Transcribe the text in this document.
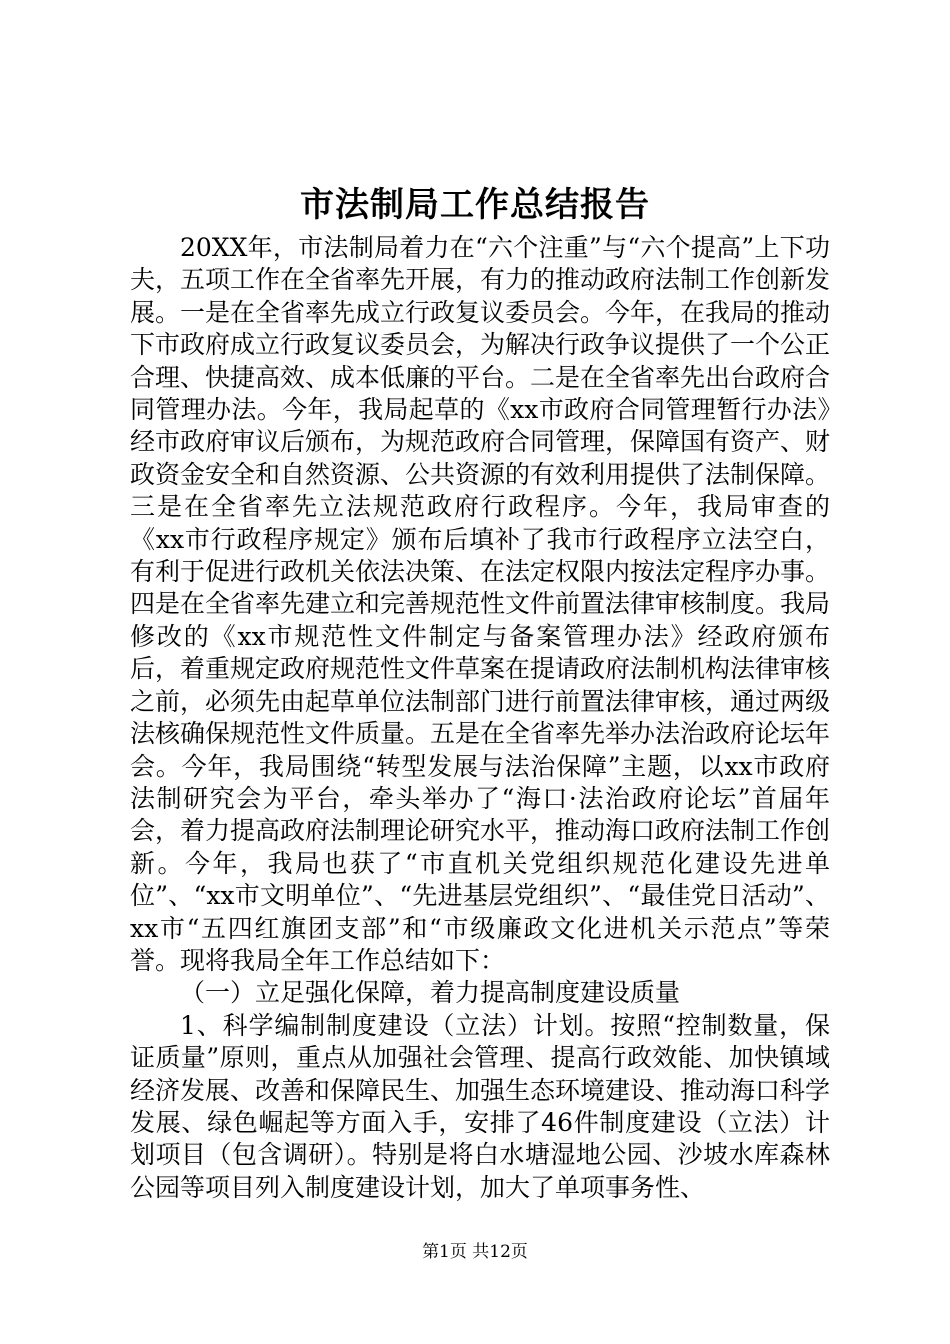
市法制局工作总结报告

20XX年，市法制局着力在“六个注重”与“六个提高”上下功夫，五项工作在全省率先开展，有力的推动政府法制工作创新发展。一是在全省率先成立行政复议委员会。今年，在我局的推动下市政府成立行政复议委员会，为解决行政争议提供了一个公正合理、快捷高效、成本低廉的平台。二是在全省率先出台政府合同管理办法。今年，我局起草的《xx市政府合同管理暂行办法》经市政府审议后颁布，为规范政府合同管理，保障国有资产、财政资金安全和自然资源、公共资源的有效利用提供了法制保障。三是在全省率先立法规范政府行政程序。今年，我局审查的《xx市行政程序规定》颁布后填补了我市行政程序立法空白，有利于促进行政机关依法决策、在法定权限内按法定程序办事。四是在全省率先建立和完善规范性文件前置法律审核制度。我局修改的《xx市规范性文件制定与备案管理办法》经政府颁布后，着重规定政府规范性文件草案在提请政府法制机构法律审核之前，必须先由起草单位法制部门进行前置法律审核，通过两级法核确保规范性文件质量。五是在全省率先举办法治政府论坛年会。今年，我局围绕“转型发展与法治保障”主题，以xx市政府法制研究会为平台，牵头举办了“海口·法治政府论坛”首届年会，着力提高政府法制理论研究水平，推动海口政府法制工作创新。今年，我局也获了“市直机关党组织规范化建设先进单位”、“xx市文明单位”、“先进基层党组织”、“最佳党日活动”、xx市“五四红旗团支部”和“市级廉政文化进机关示范点”等荣誉。现将我局全年工作总结如下：

（一）立足强化保障，着力提高制度建设质量

1、科学编制制度建设（立法）计划。按照“控制数量，保证质量”原则，重点从加强社会管理、提高行政效能、加快镇域经济发展、改善和保障民生、加强生态环境建设、推动海口科学发展、绿色崛起等方面入手，安排了46件制度建设（立法）计划项目（包含调研）。特别是将白水塘湿地公园、沙坡水库森林公园等项目列入制度建设计划，加大了单项事务性、

第1页 共12页
